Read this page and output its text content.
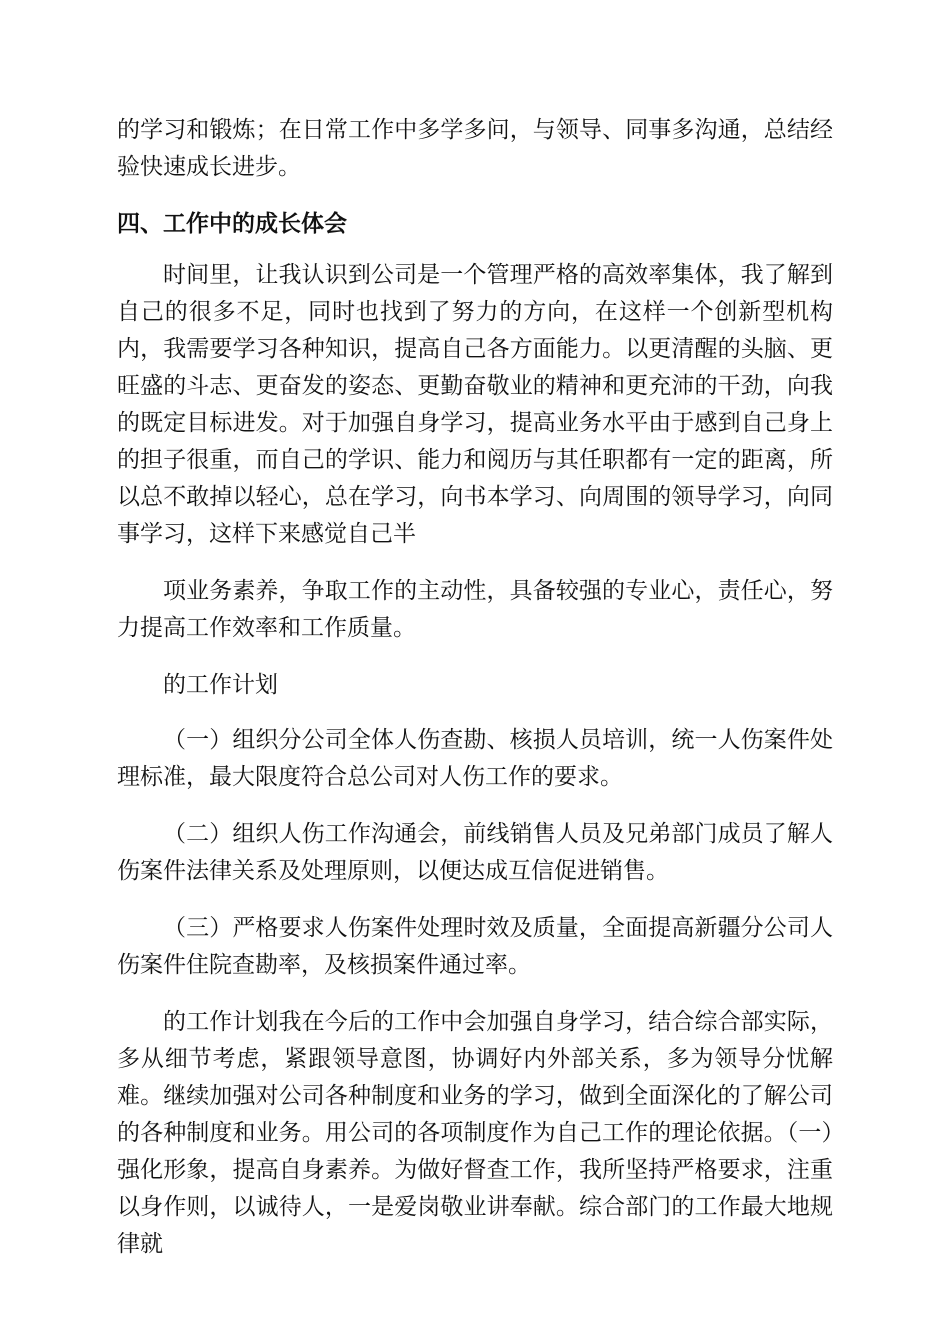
的学习和锻炼；在日常工作中多学多问，与领导、同事多沟通，总结经验快速成长进步。

四、工作中的成长体会

时间里，让我认识到公司是一个管理严格的高效率集体，我了解到自己的很多不足，同时也找到了努力的方向，在这样一个创新型机构内，我需要学习各种知识，提高自己各方面能力。以更清醒的头脑、更旺盛的斗志、更奋发的姿态、更勤奋敬业的精神和更充沛的干劲，向我的既定目标进发。对于加强自身学习，提高业务水平由于感到自己身上的担子很重，而自己的学识、能力和阅历与其任职都有一定的距离，所以总不敢掉以轻心，总在学习，向书本学习、向周围的领导学习，向同事学习，这样下来感觉自己半

项业务素养，争取工作的主动性，具备较强的专业心，责任心，努力提高工作效率和工作质量。

的工作计划

（一）组织分公司全体人伤查勘、核损人员培训，统一人伤案件处理标准，最大限度符合总公司对人伤工作的要求。

（二）组织人伤工作沟通会，前线销售人员及兄弟部门成员了解人伤案件法律关系及处理原则，以便达成互信促进销售。

（三）严格要求人伤案件处理时效及质量，全面提高新疆分公司人伤案件住院查勘率，及核损案件通过率。

的工作计划我在今后的工作中会加强自身学习，结合综合部实际，多从细节考虑，紧跟领导意图，协调好内外部关系，多为领导分忧解难。继续加强对公司各种制度和业务的学习，做到全面深化的了解公司的各种制度和业务。用公司的各项制度作为自己工作的理论依据。（一）强化形象，提高自身素养。为做好督查工作，我所坚持严格要求，注重以身作则，以诚待人，一是爱岗敬业讲奉献。综合部门的工作最大地规律就
